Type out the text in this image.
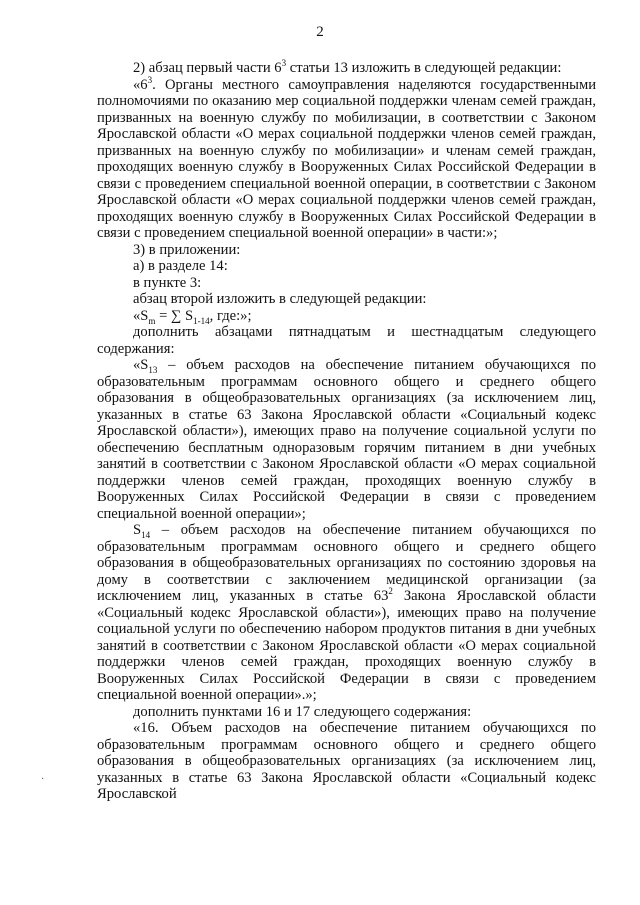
2

2) абзац первый части $6^3$ статьи 13 изложить в следующей редакции:

«$6^3$. Органы местного самоуправления наделяются государственными полномочиями по оказанию мер социальной поддержки членам семей граждан, призванных на военную службу по мобилизации, в соответствии с Законом Ярославской области «О мерах социальной поддержки членов семей граждан, призванных на военную службу по мобилизации» и членам семей граждан, проходящих военную службу в Вооруженных Силах Российской Федерации в связи с проведением специальной военной операции, в соответствии с Законом Ярославской области «О мерах социальной поддержки членов семей граждан, проходящих военную службу в Вооруженных Силах Российской Федерации в связи с проведением специальной военной операции» в части:»;

3) в приложении:

а) в разделе 14:

в пункте 3:

абзац второй изложить в следующей редакции:

«$S_m$ = ∑ $S_{1-14}$, где:»;

дополнить абзацами пятнадцатым и шестнадцатым следующего содержания:

«$S_{13}$ – объем расходов на обеспечение питанием обучающихся по образовательным программам основного общего и среднего общего образования в общеобразовательных организациях (за исключением лиц, указанных в статье 63 Закона Ярославской области «Социальный кодекс Ярославской области»), имеющих право на получение социальной услуги по обеспечению бесплатным одноразовым горячим питанием в дни учебных занятий в соответствии с Законом Ярославской области «О мерах социальной поддержки членов семей граждан, проходящих военную службу в Вооруженных Силах Российской Федерации в связи с проведением специальной военной операции»;

$S_{14}$ – объем расходов на обеспечение питанием обучающихся по образовательным программам основного общего и среднего общего образования в общеобразовательных организациях по состоянию здоровья на дому в соответствии с заключением медицинской организации (за исключением лиц, указанных в статье $63^2$ Закона Ярославской области «Социальный кодекс Ярославской области»), имеющих право на получение социальной услуги по обеспечению набором продуктов питания в дни учебных занятий в соответствии с Законом Ярославской области «О мерах социальной поддержки членов семей граждан, проходящих военную службу в Вооруженных Силах Российской Федерации в связи с проведением специальной военной операции».»;

дополнить пунктами 16 и 17 следующего содержания:

«16. Объем расходов на обеспечение питанием обучающихся по образовательным программам основного общего и среднего общего образования в общеобразовательных организациях (за исключением лиц, указанных в статье 63 Закона Ярославской области «Социальный кодекс Ярославской

·
